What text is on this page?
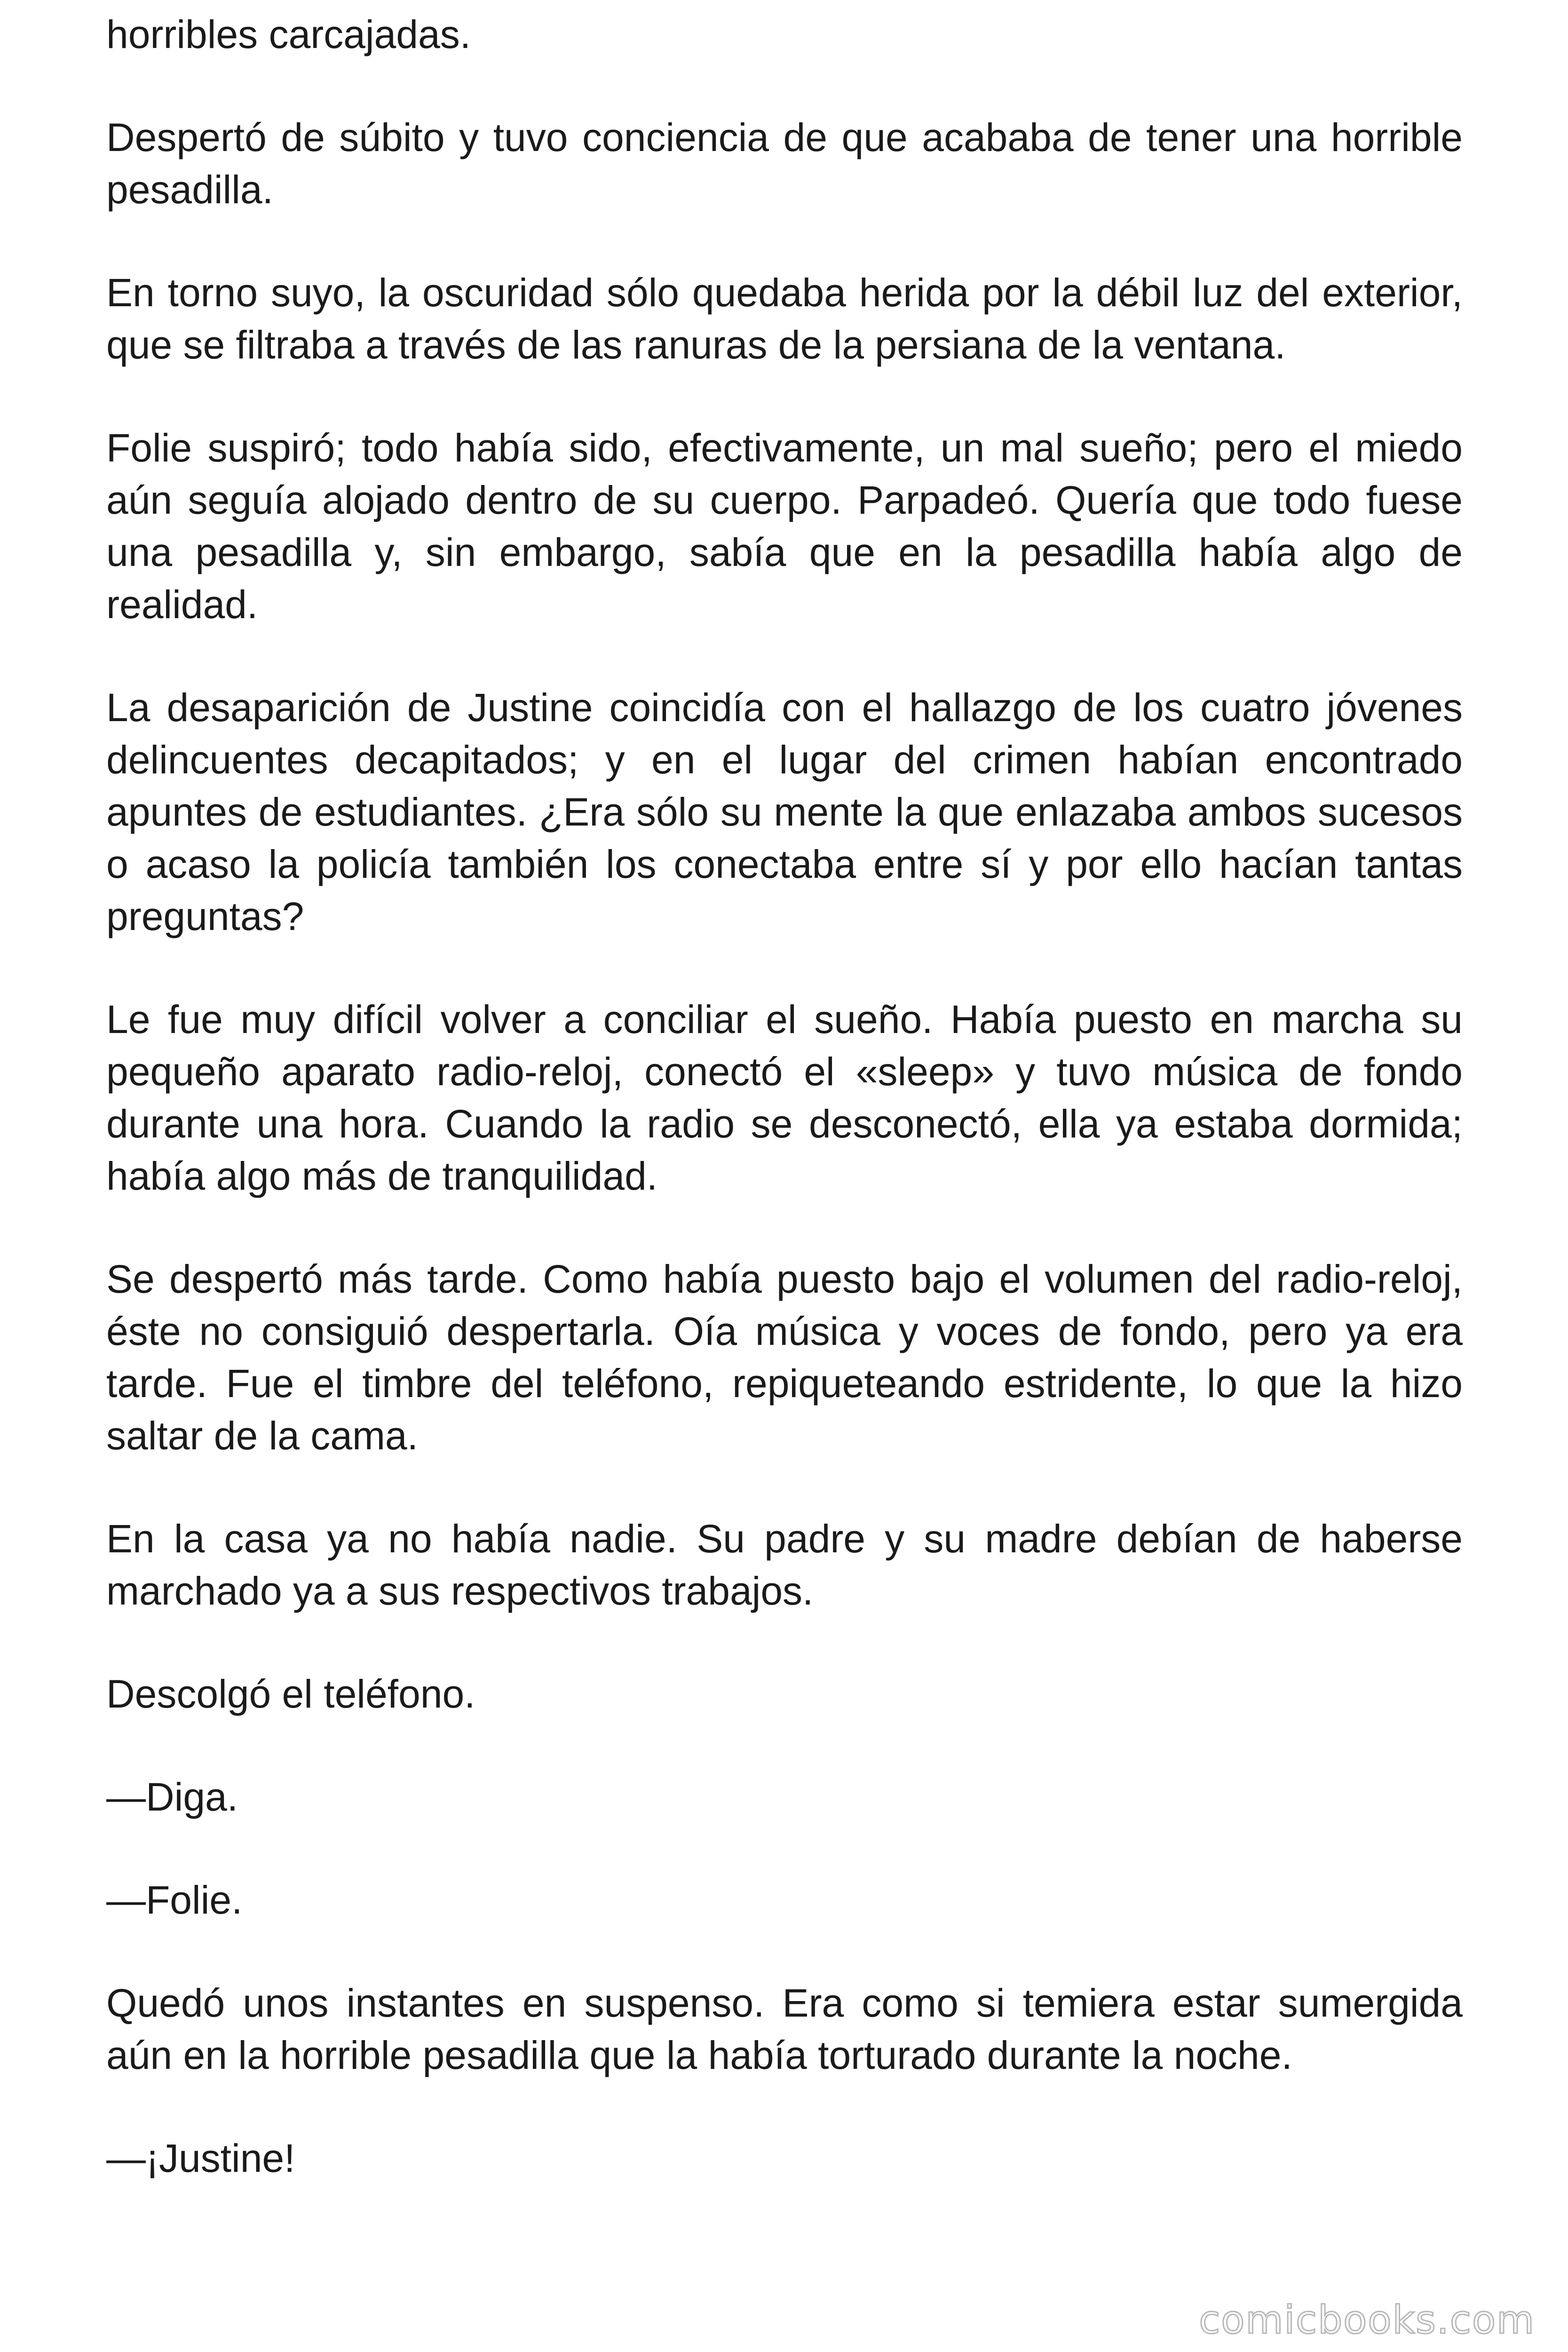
horribles carcajadas.

Despertó de súbito y tuvo conciencia de que acababa de tener una horrible pesadilla.

En torno suyo, la oscuridad sólo quedaba herida por la débil luz del exterior, que se filtraba a través de las ranuras de la persiana de la ventana.

Folie suspiró; todo había sido, efectivamente, un mal sueño; pero el miedo aún seguía alojado dentro de su cuerpo. Parpadeó. Quería que todo fuese una pesadilla y, sin embargo, sabía que en la pesadilla había algo de realidad.

La desaparición de Justine coincidía con el hallazgo de los cuatro jóvenes delincuentes decapitados; y en el lugar del crimen habían encontrado apuntes de estudiantes. ¿Era sólo su mente la que enlazaba ambos sucesos o acaso la policía también los conectaba entre sí y por ello hacían tantas preguntas?

Le fue muy difícil volver a conciliar el sueño. Había puesto en marcha su pequeño aparato radio-reloj, conectó el «sleep» y tuvo música de fondo durante una hora. Cuando la radio se desconectó, ella ya estaba dormida; había algo más de tranquilidad.

Se despertó más tarde. Como había puesto bajo el volumen del radio-reloj, éste no consiguió despertarla. Oía música y voces de fondo, pero ya era tarde. Fue el timbre del teléfono, repiqueteando estridente, lo que la hizo saltar de la cama.

En la casa ya no había nadie. Su padre y su madre debían de haberse marchado ya a sus respectivos trabajos.

Descolgó el teléfono.

—Diga.

—Folie.

Quedó unos instantes en suspenso. Era como si temiera estar sumergida aún en la horrible pesadilla que la había torturado durante la noche.

—¡Justine!

comicbooks.com
